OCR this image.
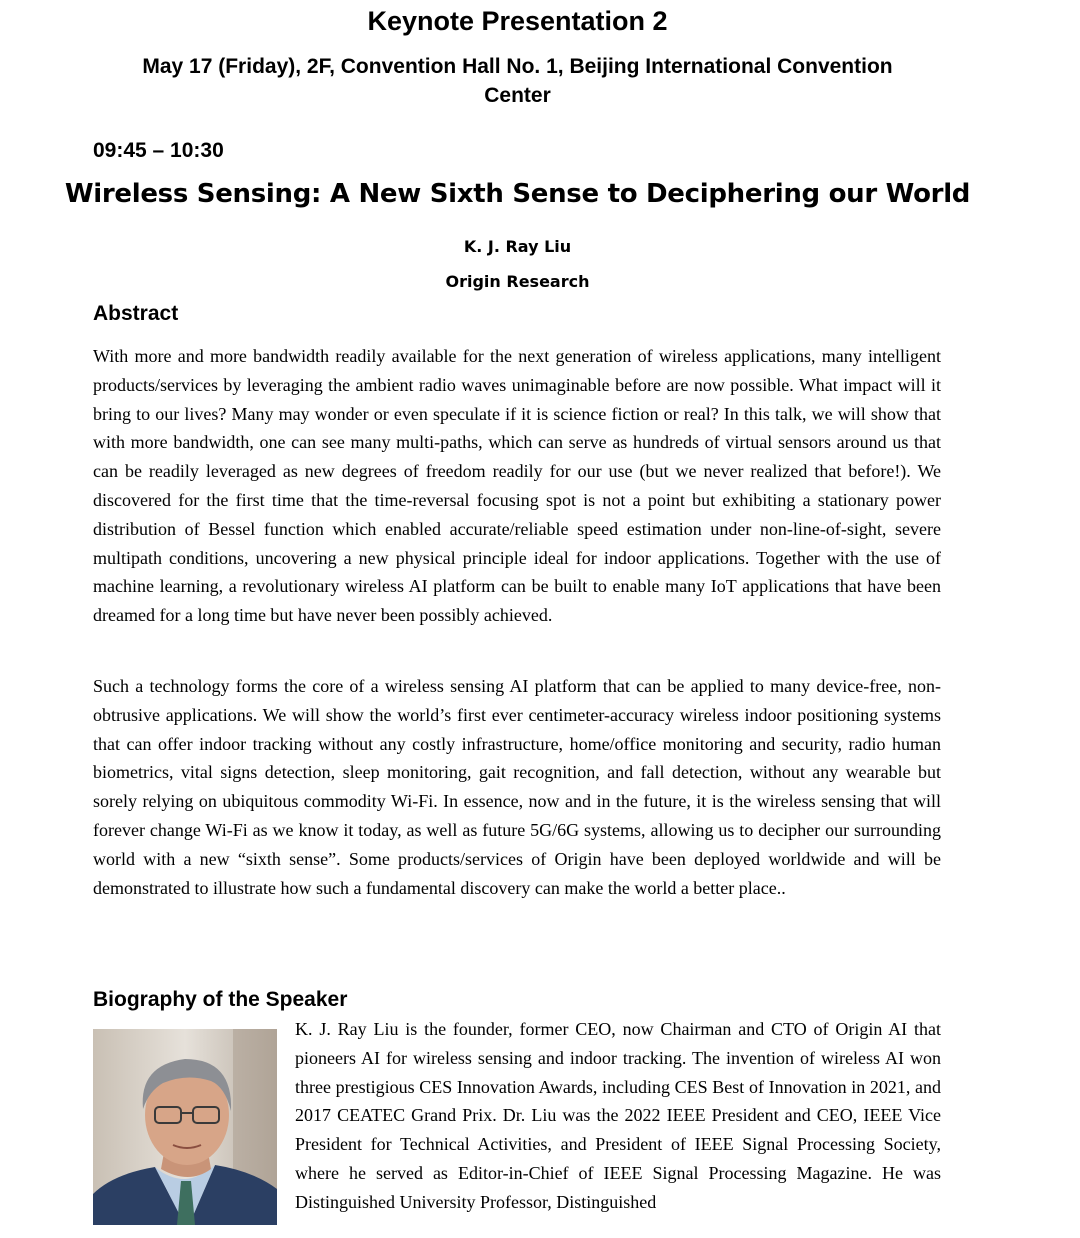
Keynote Presentation 2
May 17 (Friday), 2F, Convention Hall No. 1, Beijing International Convention Center
09:45 – 10:30
Wireless Sensing: A New Sixth Sense to Deciphering our World
K. J. Ray Liu
Origin Research
Abstract

With more and more bandwidth readily available for the next generation of wireless applications, many intelligent products/services by leveraging the ambient radio waves unimaginable before are now possible. What impact will it bring to our lives? Many may wonder or even speculate if it is science fiction or real? In this talk, we will show that with more bandwidth, one can see many multi-paths, which can serve as hundreds of virtual sensors around us that can be readily leveraged as new degrees of freedom readily for our use (but we never realized that before!). We discovered for the first time that the time-reversal focusing spot is not a point but exhibiting a stationary power distribution of Bessel function which enabled accurate/reliable speed estimation under non-line-of-sight, severe multipath conditions, uncovering a new physical principle ideal for indoor applications. Together with the use of machine learning, a revolutionary wireless AI platform can be built to enable many IoT applications that have been dreamed for a long time but have never been possibly achieved.

Such a technology forms the core of a wireless sensing AI platform that can be applied to many device-free, non-obtrusive applications. We will show the world’s first ever centimeter-accuracy wireless indoor positioning systems that can offer indoor tracking without any costly infrastructure, home/office monitoring and security, radio human biometrics, vital signs detection, sleep monitoring, gait recognition, and fall detection, without any wearable but sorely relying on ubiquitous commodity Wi-Fi. In essence, now and in the future, it is the wireless sensing that will forever change Wi-Fi as we know it today, as well as future 5G/6G systems, allowing us to decipher our surrounding world with a new “sixth sense”. Some products/services of Origin have been deployed worldwide and will be demonstrated to illustrate how such a fundamental discovery can make the world a better place..

Biography of the Speaker

K. J. Ray Liu is the founder, former CEO, now Chairman and CTO of Origin AI that pioneers AI for wireless sensing and indoor tracking. The invention of wireless AI won three prestigious CES Innovation Awards, including CES Best of Innovation in 2021, and 2017 CEATEC Grand Prix. Dr. Liu was the 2022 IEEE President and CEO, IEEE Vice President for Technical Activities, and President of IEEE Signal Processing Society, where he served as Editor-in-Chief of IEEE Signal Processing Magazine. He was Distinguished University Professor, Distinguished
